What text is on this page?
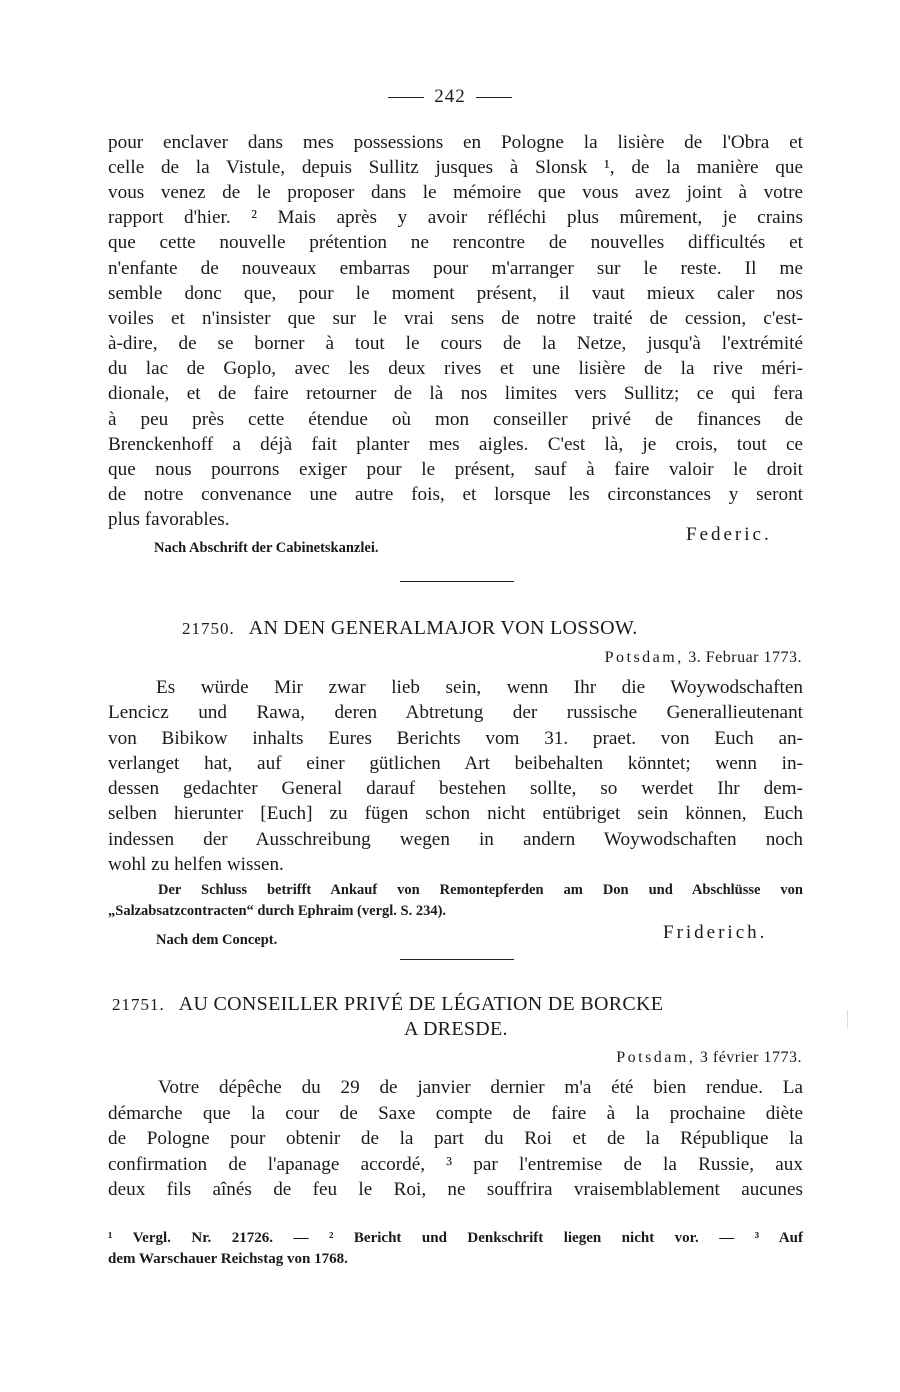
242
pour enclaver dans mes possessions en Pologne la lisière de l'Obra et
celle de la Vistule, depuis Sullitz jusques à Slonsk ¹, de la manière que
vous venez de le proposer dans le mémoire que vous avez joint à votre
rapport d'hier. ² Mais après y avoir réfléchi plus mûrement, je crains
que cette nouvelle prétention ne rencontre de nouvelles difficultés et
n'enfante de nouveaux embarras pour m'arranger sur le reste. Il me
semble donc que, pour le moment présent, il vaut mieux caler nos
voiles et n'insister que sur le vrai sens de notre traité de cession, c'est-
à-dire, de se borner à tout le cours de la Netze, jusqu'à l'extrémité
du lac de Goplo, avec les deux rives et une lisière de la rive méri-
dionale, et de faire retourner de là nos limites vers Sullitz; ce qui fera
à peu près cette étendue où mon conseiller privé de finances de
Brenckenhoff a déjà fait planter mes aigles. C'est là, je crois, tout ce
que nous pourrons exiger pour le présent, sauf à faire valoir le droit
de notre convenance une autre fois, et lorsque les circonstances y seront
plus favorables.
Federic.
Nach Abschrift der Cabinetskanzlei.
21750. AN DEN GENERALMAJOR VON LOSSOW.
Potsdam, 3. Februar 1773.
Es würde Mir zwar lieb sein, wenn Ihr die Woywodschaften
Lencicz und Rawa, deren Abtretung der russische Generallieutenant
von Bibikow inhalts Eures Berichts vom 31. praet. von Euch an-
verlanget hat, auf einer gütlichen Art beibehalten könntet; wenn in-
dessen gedachter General darauf bestehen sollte, so werdet Ihr dem-
selben hierunter [Euch] zu fügen schon nicht entübriget sein können, Euch
indessen der Ausschreibung wegen in andern Woywodschaften noch
wohl zu helfen wissen.
Der Schluss betrifft Ankauf von Remontepferden am Don und Abschlüsse von
„Salzabsatzcontracten“ durch Ephraim (vergl. S. 234).
Nach dem Concept.	Friderich.
21751. AU CONSEILLER PRIVÉ DE LÉGATION DE BORCKE
A DRESDE.
Potsdam, 3 février 1773.
Votre dépêche du 29 de janvier dernier m'a été bien rendue. La
démarche que la cour de Saxe compte de faire à la prochaine diète
de Pologne pour obtenir de la part du Roi et de la République la
confirmation de l'apanage accordé, ³ par l'entremise de la Russie, aux
deux fils aînés de feu le Roi, ne souffrira vraisemblablement aucunes
¹ Vergl. Nr. 21726. — ² Bericht und Denkschrift liegen nicht vor. — ³ Auf
dem Warschauer Reichstag von 1768.
